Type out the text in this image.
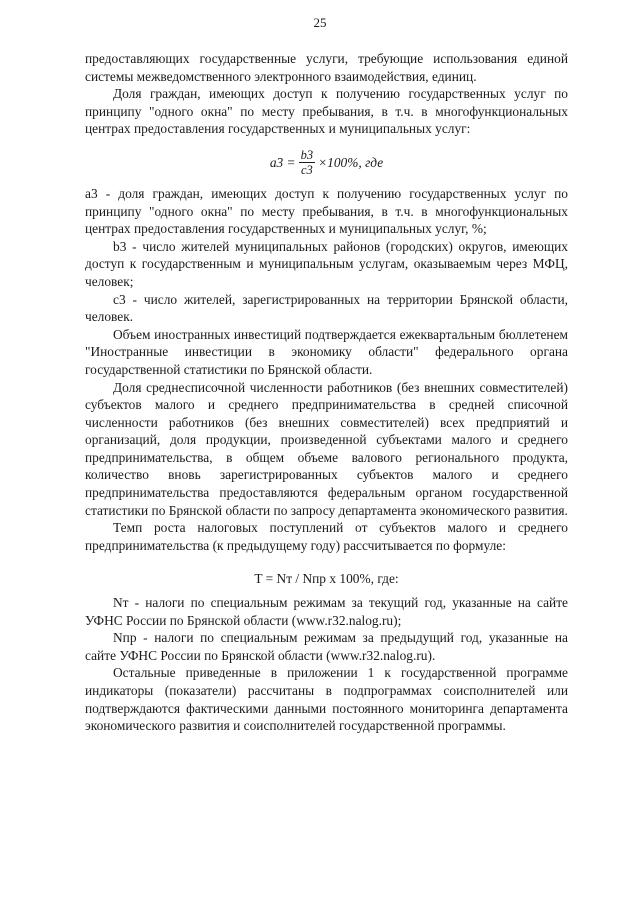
25

предоставляющих государственные услуги, требующие использования единой системы межведомственного электронного взаимодействия, единиц.

Доля граждан, имеющих доступ к получению государственных услуг по принципу "одного окна" по месту пребывания, в т.ч. в многофункциональных центрах предоставления государственных и муниципальных услуг:

$a3 = \frac{b3}{c3} \times 100\%$, где

a3 - доля граждан, имеющих доступ к получению государственных услуг по принципу "одного окна" по месту пребывания, в т.ч. в многофункциональных центрах предоставления государственных и муниципальных услуг, %;

b3 - число жителей муниципальных районов (городских) округов, имеющих доступ к государственным и муниципальным услугам, оказываемым через МФЦ, человек;

c3 - число жителей, зарегистрированных на территории Брянской области, человек.

Объем иностранных инвестиций подтверждается ежеквартальным бюллетенем "Иностранные инвестиции в экономику области" федерального органа государственной статистики по Брянской области.

Доля среднесписочной численности работников (без внешних совместителей) субъектов малого и среднего предпринимательства в средней списочной численности работников (без внешних совместителей) всех предприятий и организаций, доля продукции, произведенной субъектами малого и среднего предпринимательства, в общем объеме валового регионального продукта, количество вновь зарегистрированных субъектов малого и среднего предпринимательства предоставляются федеральным органом государственной статистики по Брянской области по запросу департамента экономического развития.

Темп роста налоговых поступлений от субъектов малого и среднего предпринимательства (к предыдущему году) рассчитывается по формуле:

T = Nт / Nпр x 100%, где:

Nт - налоги по специальным режимам за текущий год, указанные на сайте УФНС России по Брянской области (www.r32.nalog.ru);

Nпр - налоги по специальным режимам за предыдущий год, указанные на сайте УФНС России по Брянской области (www.r32.nalog.ru).

Остальные приведенные в приложении 1 к государственной программе индикаторы (показатели) рассчитаны в подпрограммах соисполнителей или подтверждаются фактическими данными постоянного мониторинга департамента экономического развития и соисполнителей государственной программы.
